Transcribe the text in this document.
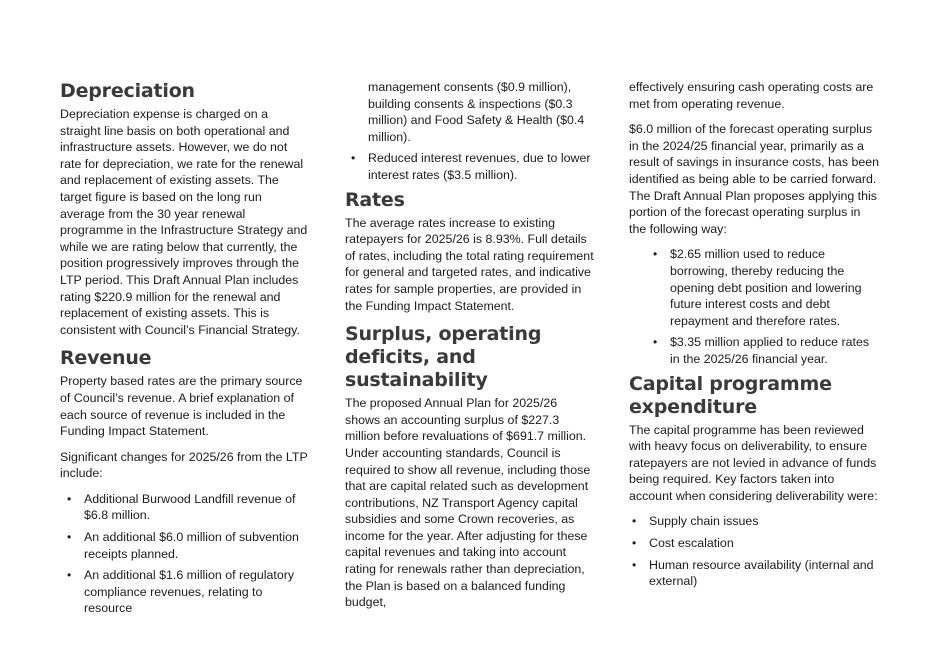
Depreciation

Depreciation expense is charged on a straight line basis on both operational and infrastructure assets. However, we do not rate for depreciation, we rate for the renewal and replacement of existing assets. The target figure is based on the long run average from the 30 year renewal programme in the Infrastructure Strategy and while we are rating below that currently, the position progressively improves through the LTP period. This Draft Annual Plan includes rating $220.9 million for the renewal and replacement of existing assets. This is consistent with Council’s Financial Strategy.

Revenue

Property based rates are the primary source of Council’s revenue. A brief explanation of each source of revenue is included in the Funding Impact Statement.

Significant changes for 2025/26 from the LTP include:

• Additional Burwood Landfill revenue of $6.8 million.
• An additional $6.0 million of subvention receipts planned.
• An additional $1.6 million of regulatory compliance revenues, relating to resource
management consents ($0.9 million), building consents & inspections ($0.3 million) and Food Safety & Health ($0.4 million).
• Reduced interest revenues, due to lower interest rates ($3.5 million).
Rates

The average rates increase to existing ratepayers for 2025/26 is 8.93%. Full details of rates, including the total rating requirement for general and targeted rates, and indicative rates for sample properties, are provided in the Funding Impact Statement.

Surplus, operating deficits, and sustainability

The proposed Annual Plan for 2025/26 shows an accounting surplus of $227.3 million before revaluations of $691.7 million. Under accounting standards, Council is required to show all revenue, including those that are capital related such as development contributions, NZ Transport Agency capital subsidies and some Crown recoveries, as income for the year. After adjusting for these capital revenues and taking into account rating for renewals rather than depreciation, the Plan is based on a balanced funding budget,

effectively ensuring cash operating costs are met from operating revenue.

$6.0 million of the forecast operating surplus in the 2024/25 financial year, primarily as a result of savings in insurance costs, has been identified as being able to be carried forward. The Draft Annual Plan proposes applying this portion of the forecast operating surplus in the following way:

• $2.65 million used to reduce borrowing, thereby reducing the opening debt position and lowering future interest costs and debt repayment and therefore rates.
• $3.35 million applied to reduce rates in the 2025/26 financial year.
Capital programme expenditure

The capital programme has been reviewed with heavy focus on deliverability, to ensure ratepayers are not levied in advance of funds being required. Key factors taken into account when considering deliverability were:

• Supply chain issues
• Cost escalation
• Human resource availability (internal and external)
